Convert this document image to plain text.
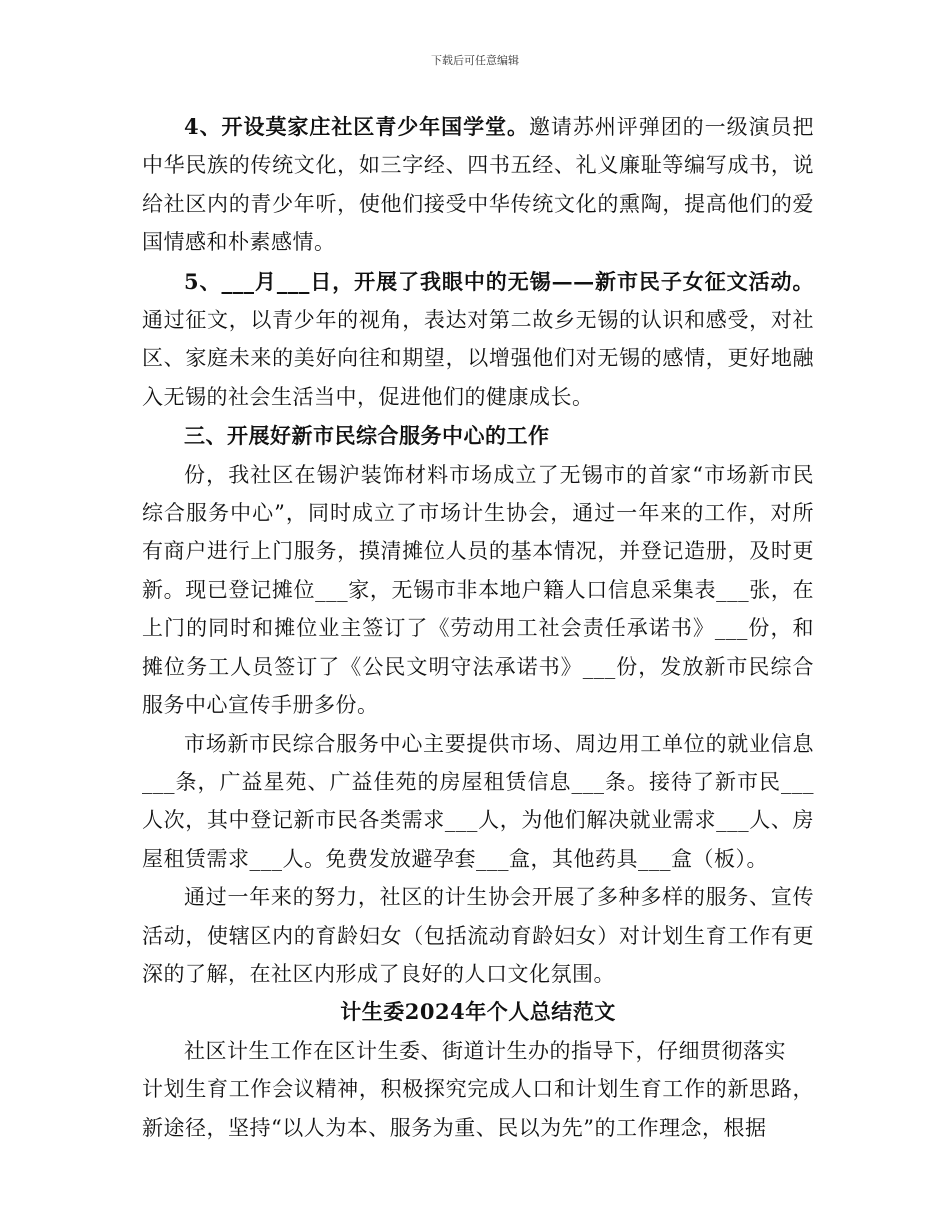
下载后可任意编辑

4、开设莫家庄社区青少年国学堂。邀请苏州评弹团的一级演员把中华民族的传统文化，如三字经、四书五经、礼义廉耻等编写成书，说给社区内的青少年听，使他们接受中华传统文化的熏陶，提高他们的爱国情感和朴素感情。

5、___月___日，开展了我眼中的无锡——新市民子女征文活动。通过征文，以青少年的视角，表达对第二故乡无锡的认识和感受，对社区、家庭未来的美好向往和期望，以增强他们对无锡的感情，更好地融入无锡的社会生活当中，促进他们的健康成长。

三、开展好新市民综合服务中心的工作

份，我社区在锡沪装饰材料市场成立了无锡市的首家“市场新市民综合服务中心”，同时成立了市场计生协会，通过一年来的工作，对所有商户进行上门服务，摸清摊位人员的基本情况，并登记造册，及时更新。现已登记摊位___家，无锡市非本地户籍人口信息采集表___张，在上门的同时和摊位业主签订了《劳动用工社会责任承诺书》___份，和摊位务工人员签订了《公民文明守法承诺书》___份，发放新市民综合服务中心宣传手册多份。

市场新市民综合服务中心主要提供市场、周边用工单位的就业信息___条，广益星苑、广益佳苑的房屋租赁信息___条。接待了新市民___人次，其中登记新市民各类需求___人，为他们解决就业需求___人、房屋租赁需求___人。免费发放避孕套___盒，其他药具___盒（板）。

通过一年来的努力，社区的计生协会开展了多种多样的服务、宣传活动，使辖区内的育龄妇女（包括流动育龄妇女）对计划生育工作有更深的了解，在社区内形成了良好的人口文化氛围。

计生委2024年个人总结范文

社区计生工作在区计生委、街道计生办的指导下，仔细贯彻落实

计划生育工作会议精神，积极探究完成人口和计划生育工作的新思路，新途径，坚持“以人为本、服务为重、民以为先”的工作理念，根据
